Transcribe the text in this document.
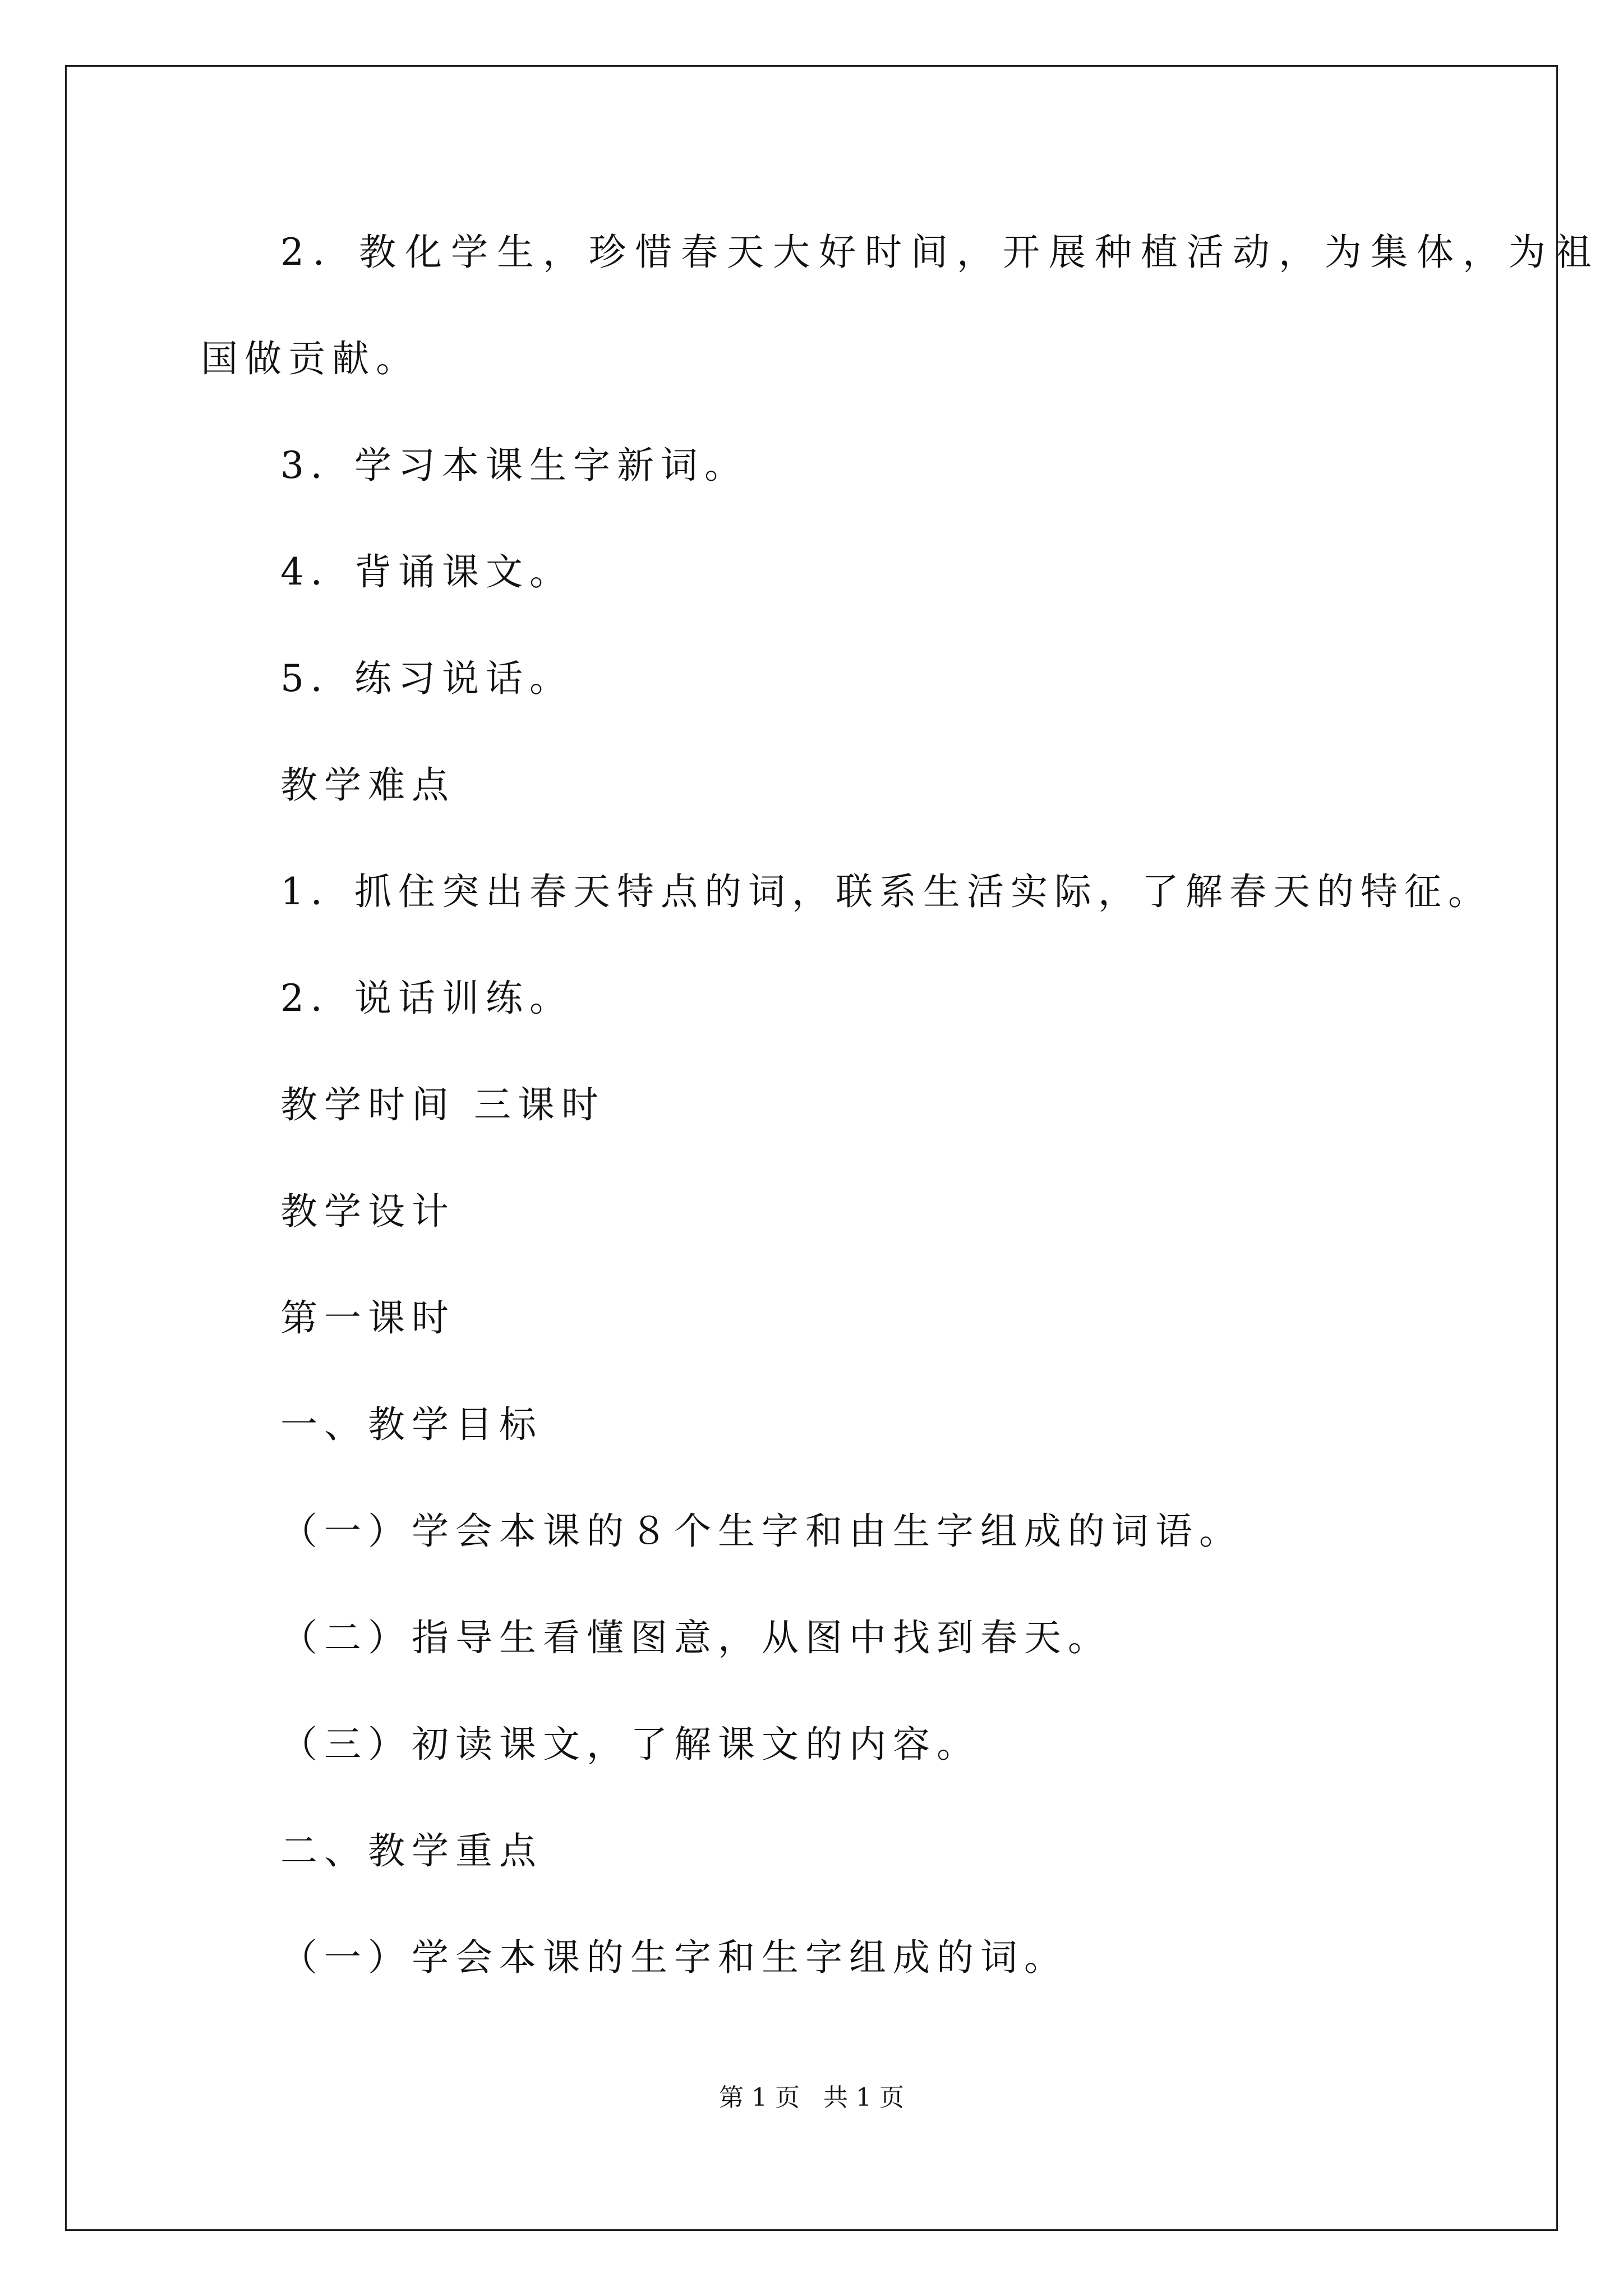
2．教化学生，珍惜春天大好时间，开展种植活动，为集体，为祖
国做贡献。
3．学习本课生字新词。
4．背诵课文。
5．练习说话。
教学难点
1．抓住突出春天特点的词，联系生活实际，了解春天的特征。
2．说话训练。
教学时间 三课时
教学设计
第一课时
一、教学目标
（一）学会本课的８个生字和由生字组成的词语。
（二）指导生看懂图意，从图中找到春天。
（三）初读课文，了解课文的内容。
二、教学重点
（一）学会本课的生字和生字组成的词。
第 1 页 共 1 页
